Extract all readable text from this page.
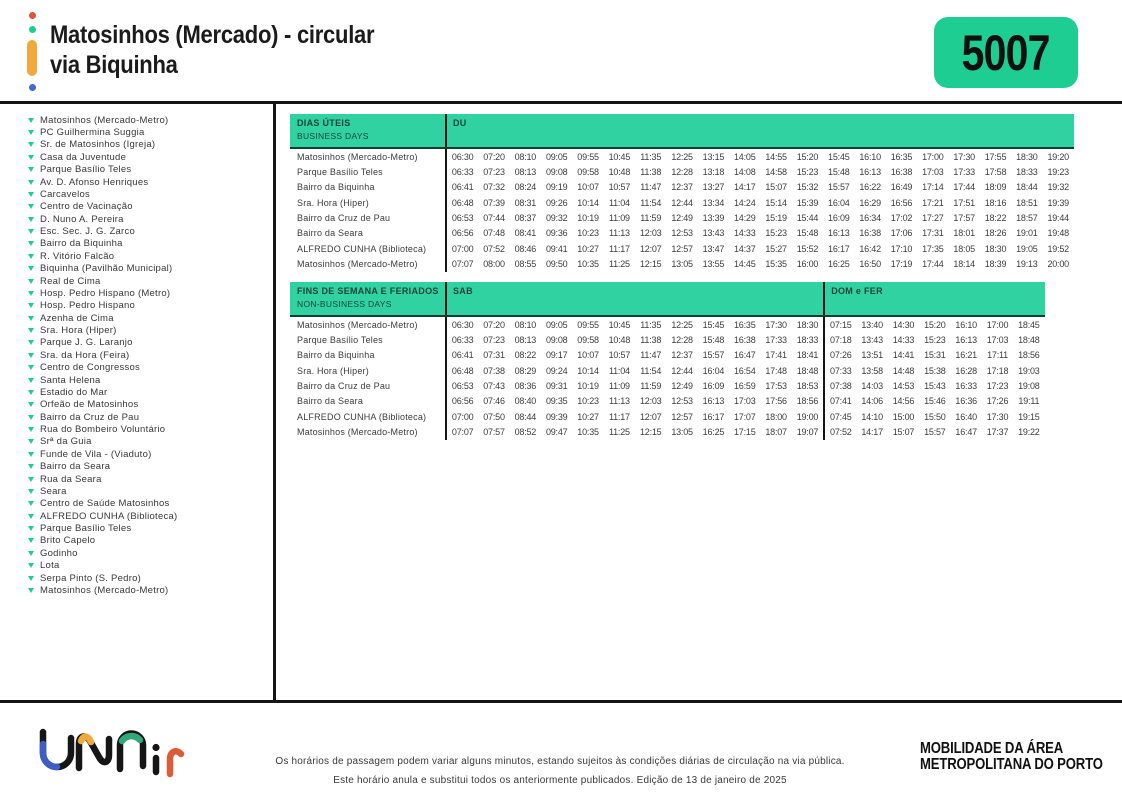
Matosinhos (Mercado) - circular
via Biquinha	5007
Matosinhos (Mercado-Metro)
PC Guilhermina Suggia
Sr. de Matosinhos (Igreja)
Casa da Juventude
Parque Basílio Teles
Av. D. Afonso Henriques
Carcavelos
Centro de Vacinação
D. Nuno A. Pereira
Esc. Sec. J. G. Zarco
Bairro da Biquinha
R. Vitório Falcão
Biquinha (Pavilhão Municipal)
Real de Cima
Hosp. Pedro Hispano (Metro)
Hosp. Pedro Hispano
Azenha de Cima
Sra. Hora (Hiper)
Parque J. G. Laranjo
Sra. da Hora (Feira)
Centro de Congressos
Santa Helena
Estadio do Mar
Orfeão de Matosinhos
Bairro da Cruz de Pau
Rua do Bombeiro Voluntário
Srª da Guia
Funde de Vila - (Viaduto)
Bairro da Seara
Rua da Seara
Seara
Centro de Saúde Matosinhos
ALFREDO CUNHA (Biblioteca)
Parque Basílio Teles
Brito Capelo
Godinho
Lota
Serpa Pinto (S. Pedro)
Matosinhos (Mercado-Metro)
DIAS ÚTEIS
BUSINESS DAYS
DU
Matosinhos (Mercado-Metro)	06:30	07:20	08:10	09:05	09:55	10:45	11:35	12:25	13:15	14:05	14:55	15:20	15:45	16:10	16:35	17:00	17:30	17:55	18:30	19:20
Parque Basílio Teles	06:33	07:23	08:13	09:08	09:58	10:48	11:38	12:28	13:18	14:08	14:58	15:23	15:48	16:13	16:38	17:03	17:33	17:58	18:33	19:23
Bairro da Biquinha	06:41	07:32	08:24	09:19	10:07	10:57	11:47	12:37	13:27	14:17	15:07	15:32	15:57	16:22	16:49	17:14	17:44	18:09	18:44	19:32
Sra. Hora (Hiper)	06:48	07:39	08:31	09:26	10:14	11:04	11:54	12:44	13:34	14:24	15:14	15:39	16:04	16:29	16:56	17:21	17:51	18:16	18:51	19:39
Bairro da Cruz de Pau	06:53	07:44	08:37	09:32	10:19	11:09	11:59	12:49	13:39	14:29	15:19	15:44	16:09	16:34	17:02	17:27	17:57	18:22	18:57	19:44
Bairro da Seara	06:56	07:48	08:41	09:36	10:23	11:13	12:03	12:53	13:43	14:33	15:23	15:48	16:13	16:38	17:06	17:31	18:01	18:26	19:01	19:48
ALFREDO CUNHA (Biblioteca)	07:00	07:52	08:46	09:41	10:27	11:17	12:07	12:57	13:47	14:37	15:27	15:52	16:17	16:42	17:10	17:35	18:05	18:30	19:05	19:52
Matosinhos (Mercado-Metro)	07:07	08:00	08:55	09:50	10:35	11:25	12:15	13:05	13:55	14:45	15:35	16:00	16:25	16:50	17:19	17:44	18:14	18:39	19:13	20:00
FINS DE SEMANA E FERIADOS
NON-BUSINESS DAYS
SAB	DOM e FER
Matosinhos (Mercado-Metro)	06:30	07:20	08:10	09:05	09:55	10:45	11:35	12:25	15:45	16:35	17:30	18:30	07:15	13:40	14:30	15:20	16:10	17:00	18:45
Parque Basílio Teles	06:33	07:23	08:13	09:08	09:58	10:48	11:38	12:28	15:48	16:38	17:33	18:33	07:18	13:43	14:33	15:23	16:13	17:03	18:48
Bairro da Biquinha	06:41	07:31	08:22	09:17	10:07	10:57	11:47	12:37	15:57	16:47	17:41	18:41	07:26	13:51	14:41	15:31	16:21	17:11	18:56
Sra. Hora (Hiper)	06:48	07:38	08:29	09:24	10:14	11:04	11:54	12:44	16:04	16:54	17:48	18:48	07:33	13:58	14:48	15:38	16:28	17:18	19:03
Bairro da Cruz de Pau	06:53	07:43	08:36	09:31	10:19	11:09	11:59	12:49	16:09	16:59	17:53	18:53	07:38	14:03	14:53	15:43	16:33	17:23	19:08
Bairro da Seara	06:56	07:46	08:40	09:35	10:23	11:13	12:03	12:53	16:13	17:03	17:56	18:56	07:41	14:06	14:56	15:46	16:36	17:26	19:11
ALFREDO CUNHA (Biblioteca)	07:00	07:50	08:44	09:39	10:27	11:17	12:07	12:57	16:17	17:07	18:00	19:00	07:45	14:10	15:00	15:50	16:40	17:30	19:15
Matosinhos (Mercado-Metro)	07:07	07:57	08:52	09:47	10:35	11:25	12:15	13:05	16:25	17:15	18:07	19:07	07:52	14:17	15:07	15:57	16:47	17:37	19:22
Os horários de passagem podem variar alguns minutos, estando sujeitos às condições diárias de circulação na via pública.
Este horário anula e substitui todos os anteriormente publicados. Edição de 13 de janeiro de 2025
MOBILIDADE DA ÁREA
METROPOLITANA DO PORTO
